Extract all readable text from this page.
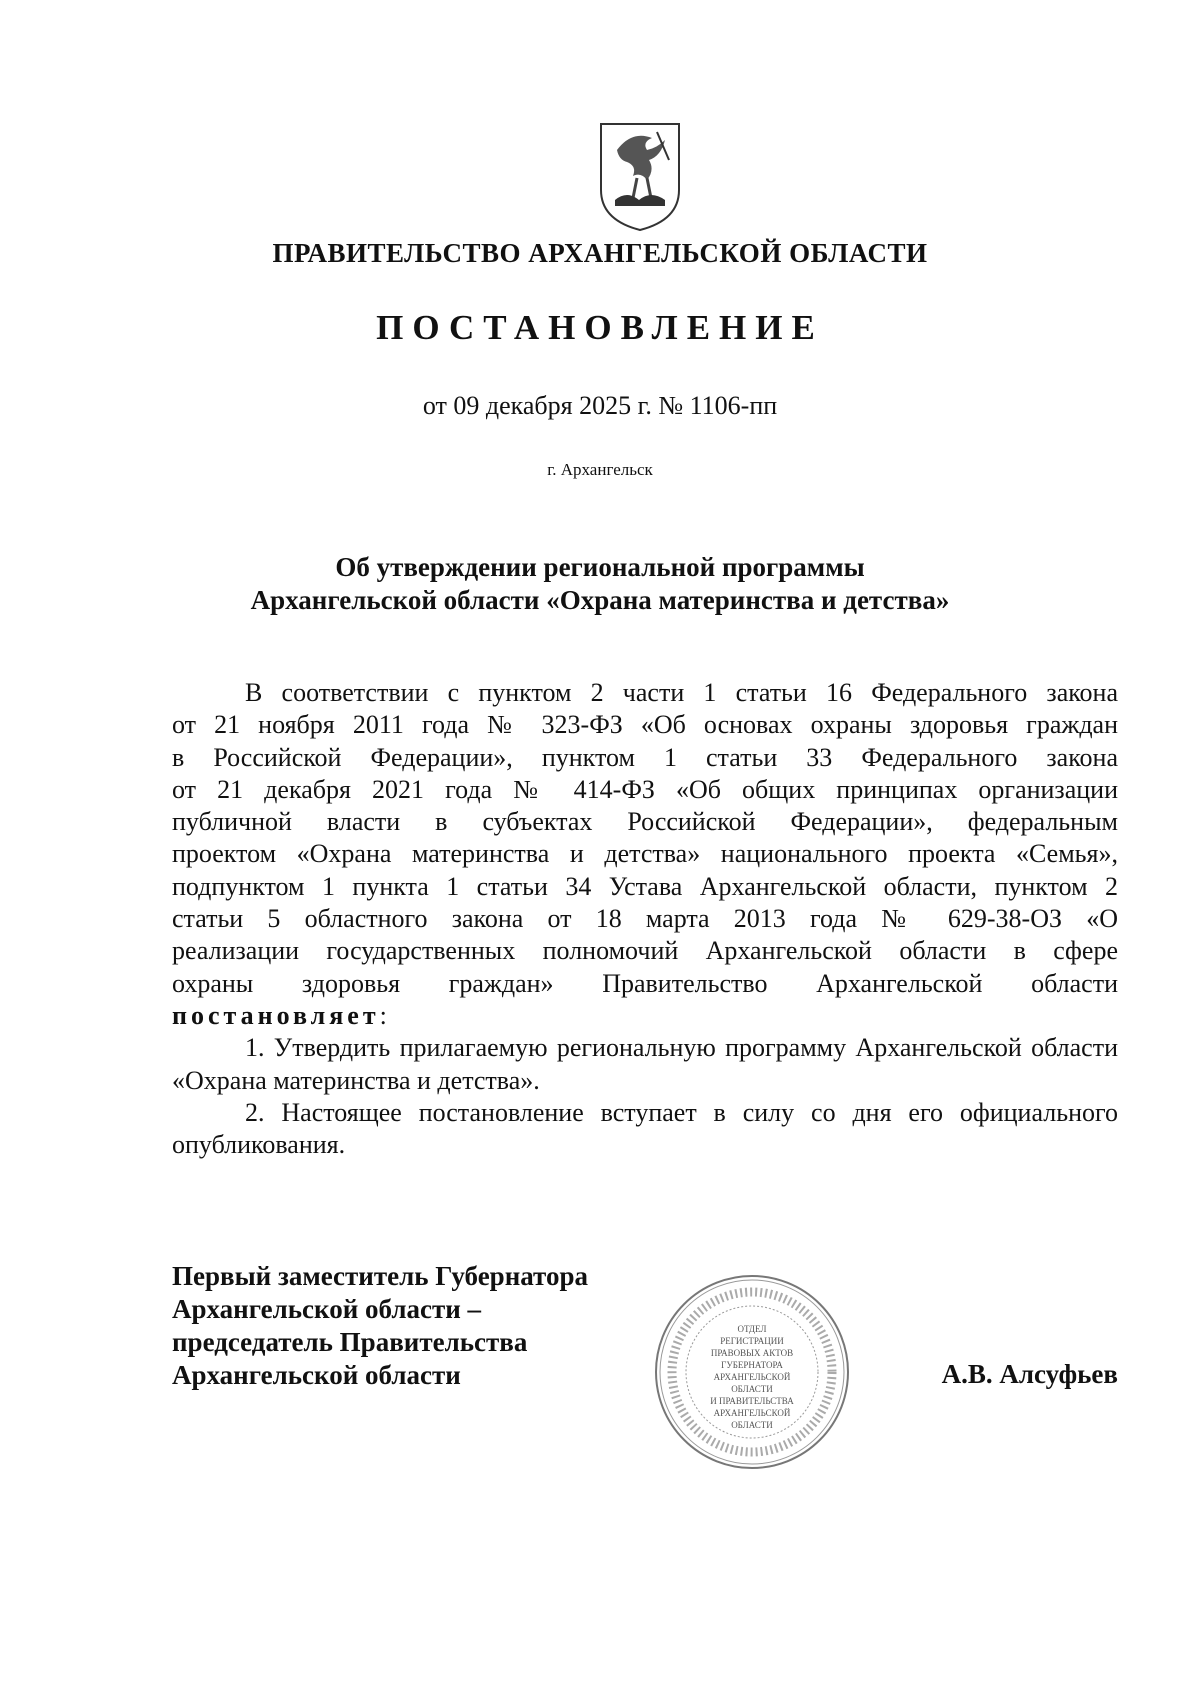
ПРАВИТЕЛЬСТВО АРХАНГЕЛЬСКОЙ ОБЛАСТИ
ПОСТАНОВЛЕНИЕ
от 09 декабря 2025 г. № 1106-пп
г. Архангельск
Об утверждении региональной программы
Архангельской области «Охрана материнства и детства»
В соответствии с пунктом 2 части 1 статьи 16 Федерального закона
от 21 ноября 2011 года № 323-ФЗ «Об основах охраны здоровья граждан
в Российской Федерации», пунктом 1 статьи 33 Федерального закона
от 21 декабря 2021 года № 414-ФЗ «Об общих принципах организации
публичной власти в субъектах Российской Федерации», федеральным
проектом «Охрана материнства и детства» национального проекта «Семья»,
подпунктом 1 пункта 1 статьи 34 Устава Архангельской области, пунктом 2
статьи 5 областного закона от 18 марта 2013 года № 629-38-ОЗ «О
реализации государственных полномочий Архангельской области в сфере
охраны здоровья граждан» Правительство Архангельской области
постановляет:

1. Утвердить прилагаемую региональную программу Архангельской области «Охрана материнства и детства».

2. Настоящее постановление вступает в силу со дня его официального опубликования.

Первый заместитель Губернатора
Архангельской области –
председатель Правительства
Архангельской области
ОТДЕЛ
РЕГИСТРАЦИИ
ПРАВОВЫХ АКТОВ
ГУБЕРНАТОРА
АРХАНГЕЛЬСКОЙ
ОБЛАСТИ
И ПРАВИТЕЛЬСТВА
АРХАНГЕЛЬСКОЙ
ОБЛАСТИ
А.В. Алсуфьев
